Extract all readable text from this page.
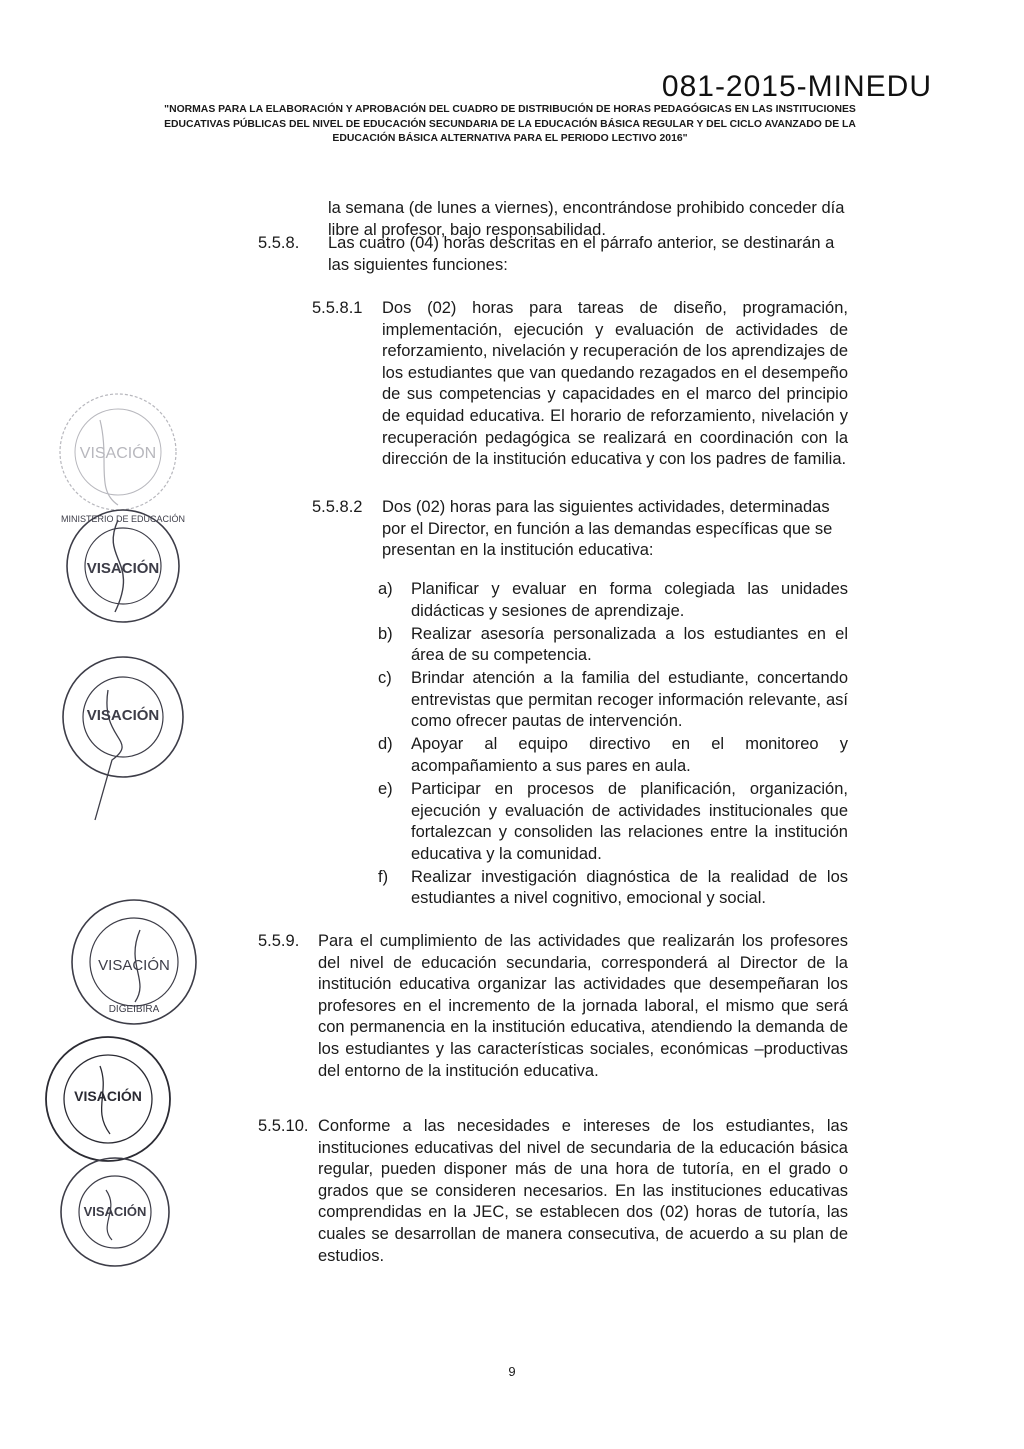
081-2015-MINEDU
"NORMAS PARA LA ELABORACIÓN Y APROBACIÓN DEL CUADRO DE DISTRIBUCIÓN DE HORAS PEDAGÓGICAS EN LAS INSTITUCIONES EDUCATIVAS PÚBLICAS DEL NIVEL DE EDUCACIÓN SECUNDARIA DE LA EDUCACIÓN BÁSICA REGULAR Y DEL CICLO AVANZADO DE LA EDUCACIÓN BÁSICA ALTERNATIVA PARA EL PERIODO LECTIVO 2016"
la semana (de lunes a viernes), encontrándose prohibido conceder día libre al profesor, bajo responsabilidad.
5.5.8. Las cuatro (04) horas descritas en el párrafo anterior, se destinarán a las siguientes funciones:
5.5.8.1 Dos (02) horas para tareas de diseño, programación, implementación, ejecución y evaluación de actividades de reforzamiento, nivelación y recuperación de los aprendizajes de los estudiantes que van quedando rezagados en el desempeño de sus competencias y capacidades en el marco del principio de equidad educativa. El horario de reforzamiento, nivelación y recuperación pedagógica se realizará en coordinación con la dirección de la institución educativa y con los padres de familia.
5.5.8.2 Dos (02) horas para las siguientes actividades, determinadas por el Director, en función a las demandas específicas que se presentan en la institución educativa:
a) Planificar y evaluar en forma colegiada las unidades didácticas y sesiones de aprendizaje.
b) Realizar asesoría personalizada a los estudiantes en el área de su competencia.
c) Brindar atención a la familia del estudiante, concertando entrevistas que permitan recoger información relevante, así como ofrecer pautas de intervención.
d) Apoyar al equipo directivo en el monitoreo y acompañamiento a sus pares en aula.
e) Participar en procesos de planificación, organización, ejecución y evaluación de actividades institucionales que fortalezcan y consoliden las relaciones entre la institución educativa y la comunidad.
f) Realizar investigación diagnóstica de la realidad de los estudiantes a nivel cognitivo, emocional y social.
5.5.9. Para el cumplimiento de las actividades que realizarán los profesores del nivel de educación secundaria, corresponderá al Director de la institución educativa organizar las actividades que desempeñaran los profesores en el incremento de la jornada laboral, el mismo que será con permanencia en la institución educativa, atendiendo la demanda de los estudiantes y las características sociales, económicas –productivas del entorno de la institución educativa.
5.5.10. Conforme a las necesidades e intereses de los estudiantes, las instituciones educativas del nivel de secundaria de la educación básica regular, pueden disponer más de una hora de tutoría, en el grado o grados que se consideren necesarios. En las instituciones educativas comprendidas en la JEC, se establecen dos (02) horas de tutoría, las cuales se desarrollan de manera consecutiva, de acuerdo a su plan de estudios.
9
VISACIÓN
VISACIÓN
MINISTERIO DE EDUCACIÓN
VISACIÓN
VISACIÓN
DIGEIBIRA
VISACIÓN
VISACIÓN
